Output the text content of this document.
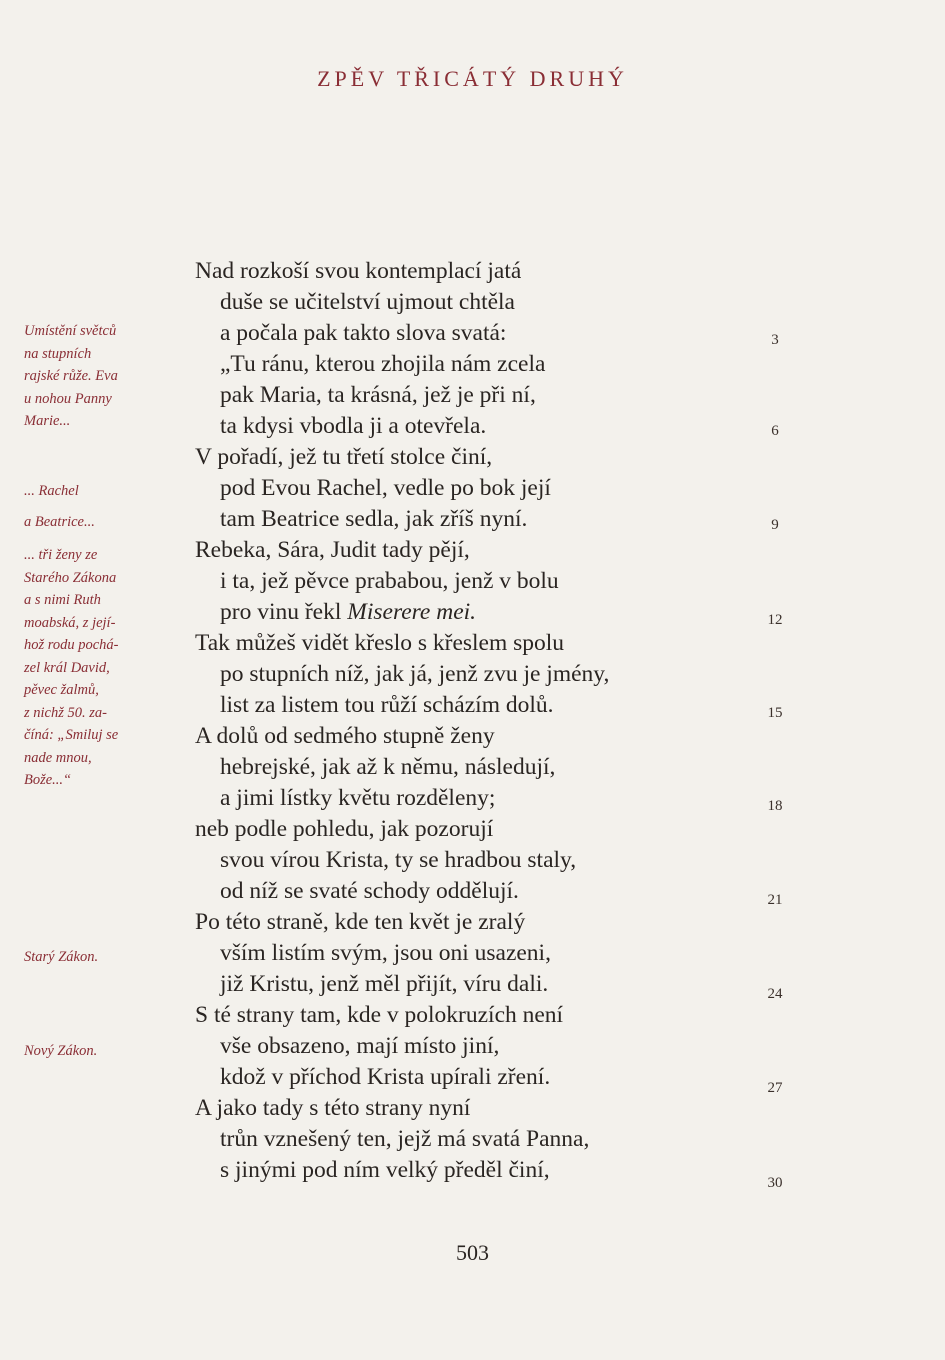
ZPĚV TŘICÁTÝ DRUHÝ
Umístění světců
na stupních
rajské růže. Eva
u nohou Panny
Marie...
... Rachel
a Beatrice...
... tři ženy ze
Starého Zákona
a s nimi Ruth
moabská, z její-
hož rodu pochá-
zel král David,
pěvec žalmů,
z nichž 50. za-
číná: „Smiluj se
nade mnou,
Bože...“
Starý Zákon.
Nový Zákon.
Nad rozkoší svou kontemplací jatá
duše se učitelství ujmout chtěla
a počala pak takto slova svatá:
„Tu ránu, kterou zhojila nám zcela
pak Maria, ta krásná, jež je při ní,
ta kdysi vbodla ji a otevřela.
V pořadí, jež tu třetí stolce činí,
pod Evou Rachel, vedle po bok její
tam Beatrice sedla, jak zříš nyní.
Rebeka, Sára, Judit tady pějí,
i ta, jež pěvce prababou, jenž v bolu
pro vinu řekl Miserere mei.
Tak můžeš vidět křeslo s křeslem spolu
po stupních níž, jak já, jenž zvu je jmény,
list za listem tou růží scházím dolů.
A dolů od sedmého stupně ženy
hebrejské, jak až k němu, následují,
a jimi lístky květu rozděleny;
neb podle pohledu, jak pozorují
svou vírou Krista, ty se hradbou staly,
od níž se svaté schody oddělují.
Po této straně, kde ten květ je zralý
vším listím svým, jsou oni usazeni,
již Kristu, jenž měl přijít, víru dali.
S té strany tam, kde v polokruzích není
vše obsazeno, mají místo jiní,
kdož v příchod Krista upírali zření.
A jako tady s této strany nyní
trůn vznešený ten, jejž má svatá Panna,
s jinými pod ním velký předěl činí,
3
6
9
12
15
18
21
24
27
30
503
